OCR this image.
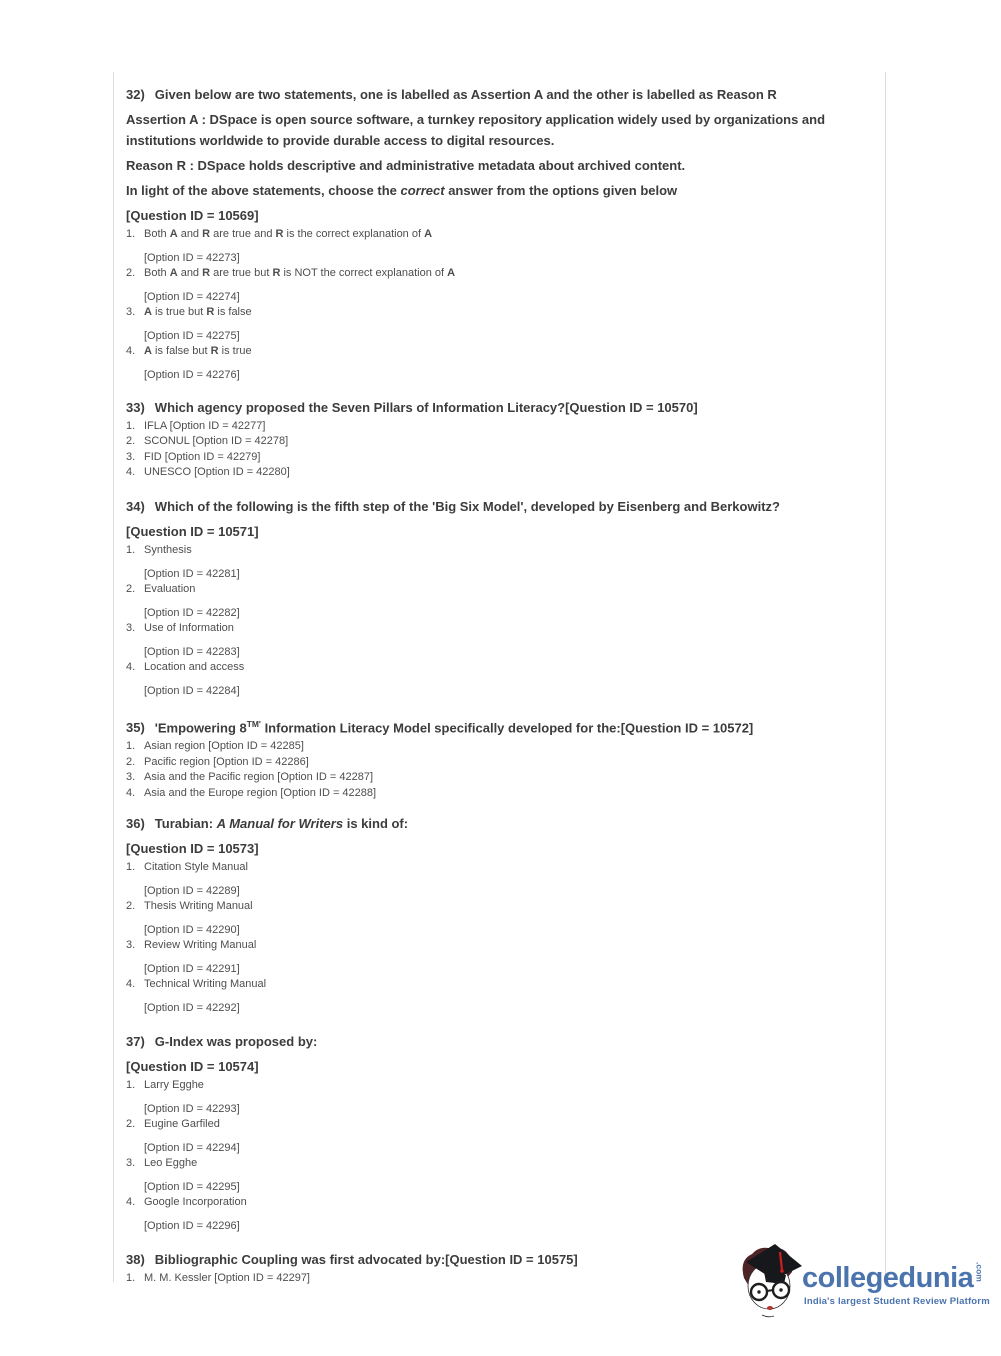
32) Given below are two statements, one is labelled as Assertion A and the other is labelled as Reason R
Assertion A : DSpace is open source software, a turnkey repository application widely used by organizations and institutions worldwide to provide durable access to digital resources.
Reason R : DSpace holds descriptive and administrative metadata about archived content.
In light of the above statements, choose the correct answer from the options given below
[Question ID = 10569]
1. Both A and R are true and R is the correct explanation of A
[Option ID = 42273]
2. Both A and R are true but R is NOT the correct explanation of A
[Option ID = 42274]
3. A is true but R is false
[Option ID = 42275]
4. A is false but R is true
[Option ID = 42276]
33) Which agency proposed the Seven Pillars of Information Literacy?[Question ID = 10570]
1. IFLA [Option ID = 42277]
2. SCONUL [Option ID = 42278]
3. FID [Option ID = 42279]
4. UNESCO [Option ID = 42280]
34) Which of the following is the fifth step of the 'Big Six Model', developed by Eisenberg and Berkowitz?
[Question ID = 10571]
1. Synthesis
[Option ID = 42281]
2. Evaluation
[Option ID = 42282]
3. Use of Information
[Option ID = 42283]
4. Location and access
[Option ID = 42284]
35) 'Empowering $8^{TM'}$ Information Literacy Model specifically developed for the:[Question ID = 10572]
1. Asian region [Option ID = 42285]
2. Pacific region [Option ID = 42286]
3. Asia and the Pacific region [Option ID = 42287]
4. Asia and the Europe region [Option ID = 42288]
36) Turabian: A Manual for Writers is kind of:
[Question ID = 10573]
1. Citation Style Manual
[Option ID = 42289]
2. Thesis Writing Manual
[Option ID = 42290]
3. Review Writing Manual
[Option ID = 42291]
4. Technical Writing Manual
[Option ID = 42292]
37) G-Index was proposed by:
[Question ID = 10574]
1. Larry Egghe
[Option ID = 42293]
2. Eugine Garfiled
[Option ID = 42294]
3. Leo Egghe
[Option ID = 42295]
4. Google Incorporation
[Option ID = 42296]
38) Bibliographic Coupling was first advocated by:[Question ID = 10575]
1. M. M. Kessler [Option ID = 42297]	collegedunia.com
India's largest Student Review Platform
